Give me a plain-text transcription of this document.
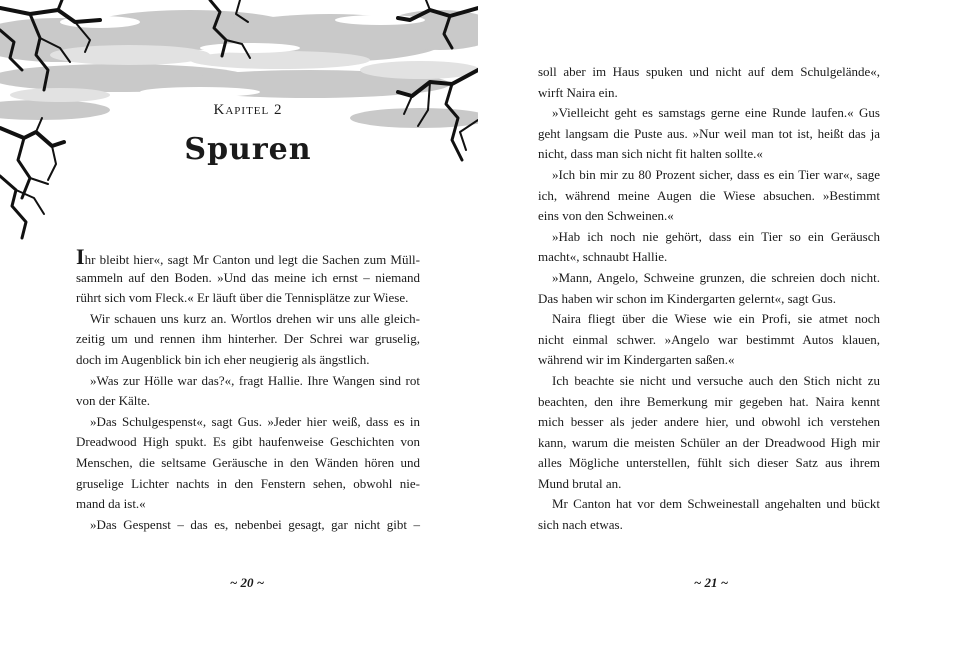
Kapitel 2
Spuren
Ihr bleibt hier«, sagt Mr Canton und legt die Sachen zum Müll-
sammeln auf den Boden. »Und das meine ich ernst – niemand
rührt sich vom Fleck.« Er läuft über die Tennisplätze zur Wiese.
Wir schauen uns kurz an. Wortlos drehen wir uns alle gleich-
zeitig um und rennen ihm hinterher. Der Schrei war gruselig,
doch im Augenblick bin ich eher neugierig als ängstlich.
»Was zur Hölle war das?«, fragt Hallie. Ihre Wangen sind rot
von der Kälte.
»Das Schulgespenst«, sagt Gus. »Jeder hier weiß, dass es in
Dreadwood High spukt. Es gibt haufenweise Geschichten von
Menschen, die seltsame Geräusche in den Wänden hören und
gruselige Lichter nachts in den Fenstern sehen, obwohl nie-
mand da ist.«
»Das Gespenst – das es, nebenbei gesagt, gar nicht gibt –
~ 20 ~	~ 21 ~
soll aber im Haus spuken und nicht auf dem Schulgelände«,
wirft Naira ein.
»Vielleicht geht es samstags gerne eine Runde laufen.« Gus
geht langsam die Puste aus. »Nur weil man tot ist, heißt das ja
nicht, dass man sich nicht fit halten sollte.«
»Ich bin mir zu 80 Prozent sicher, dass es ein Tier war«, sage
ich, während meine Augen die Wiese absuchen. »Bestimmt
eins von den Schweinen.«
»Hab ich noch nie gehört, dass ein Tier so ein Geräusch
macht«, schnaubt Hallie.
»Mann, Angelo, Schweine grunzen, die schreien doch nicht.
Das haben wir schon im Kindergarten gelernt«, sagt Gus.
Naira fliegt über die Wiese wie ein Profi, sie atmet noch
nicht einmal schwer. »Angelo war bestimmt Autos klauen,
während wir im Kindergarten saßen.«
Ich beachte sie nicht und versuche auch den Stich nicht zu
beachten, den ihre Bemerkung mir gegeben hat. Naira kennt
mich besser als jeder andere hier, und obwohl ich verstehen
kann, warum die meisten Schüler an der Dreadwood High mir
alles Mögliche unterstellen, fühlt sich dieser Satz aus ihrem
Mund brutal an.
Mr Canton hat vor dem Schweinestall angehalten und bückt
sich nach etwas.
